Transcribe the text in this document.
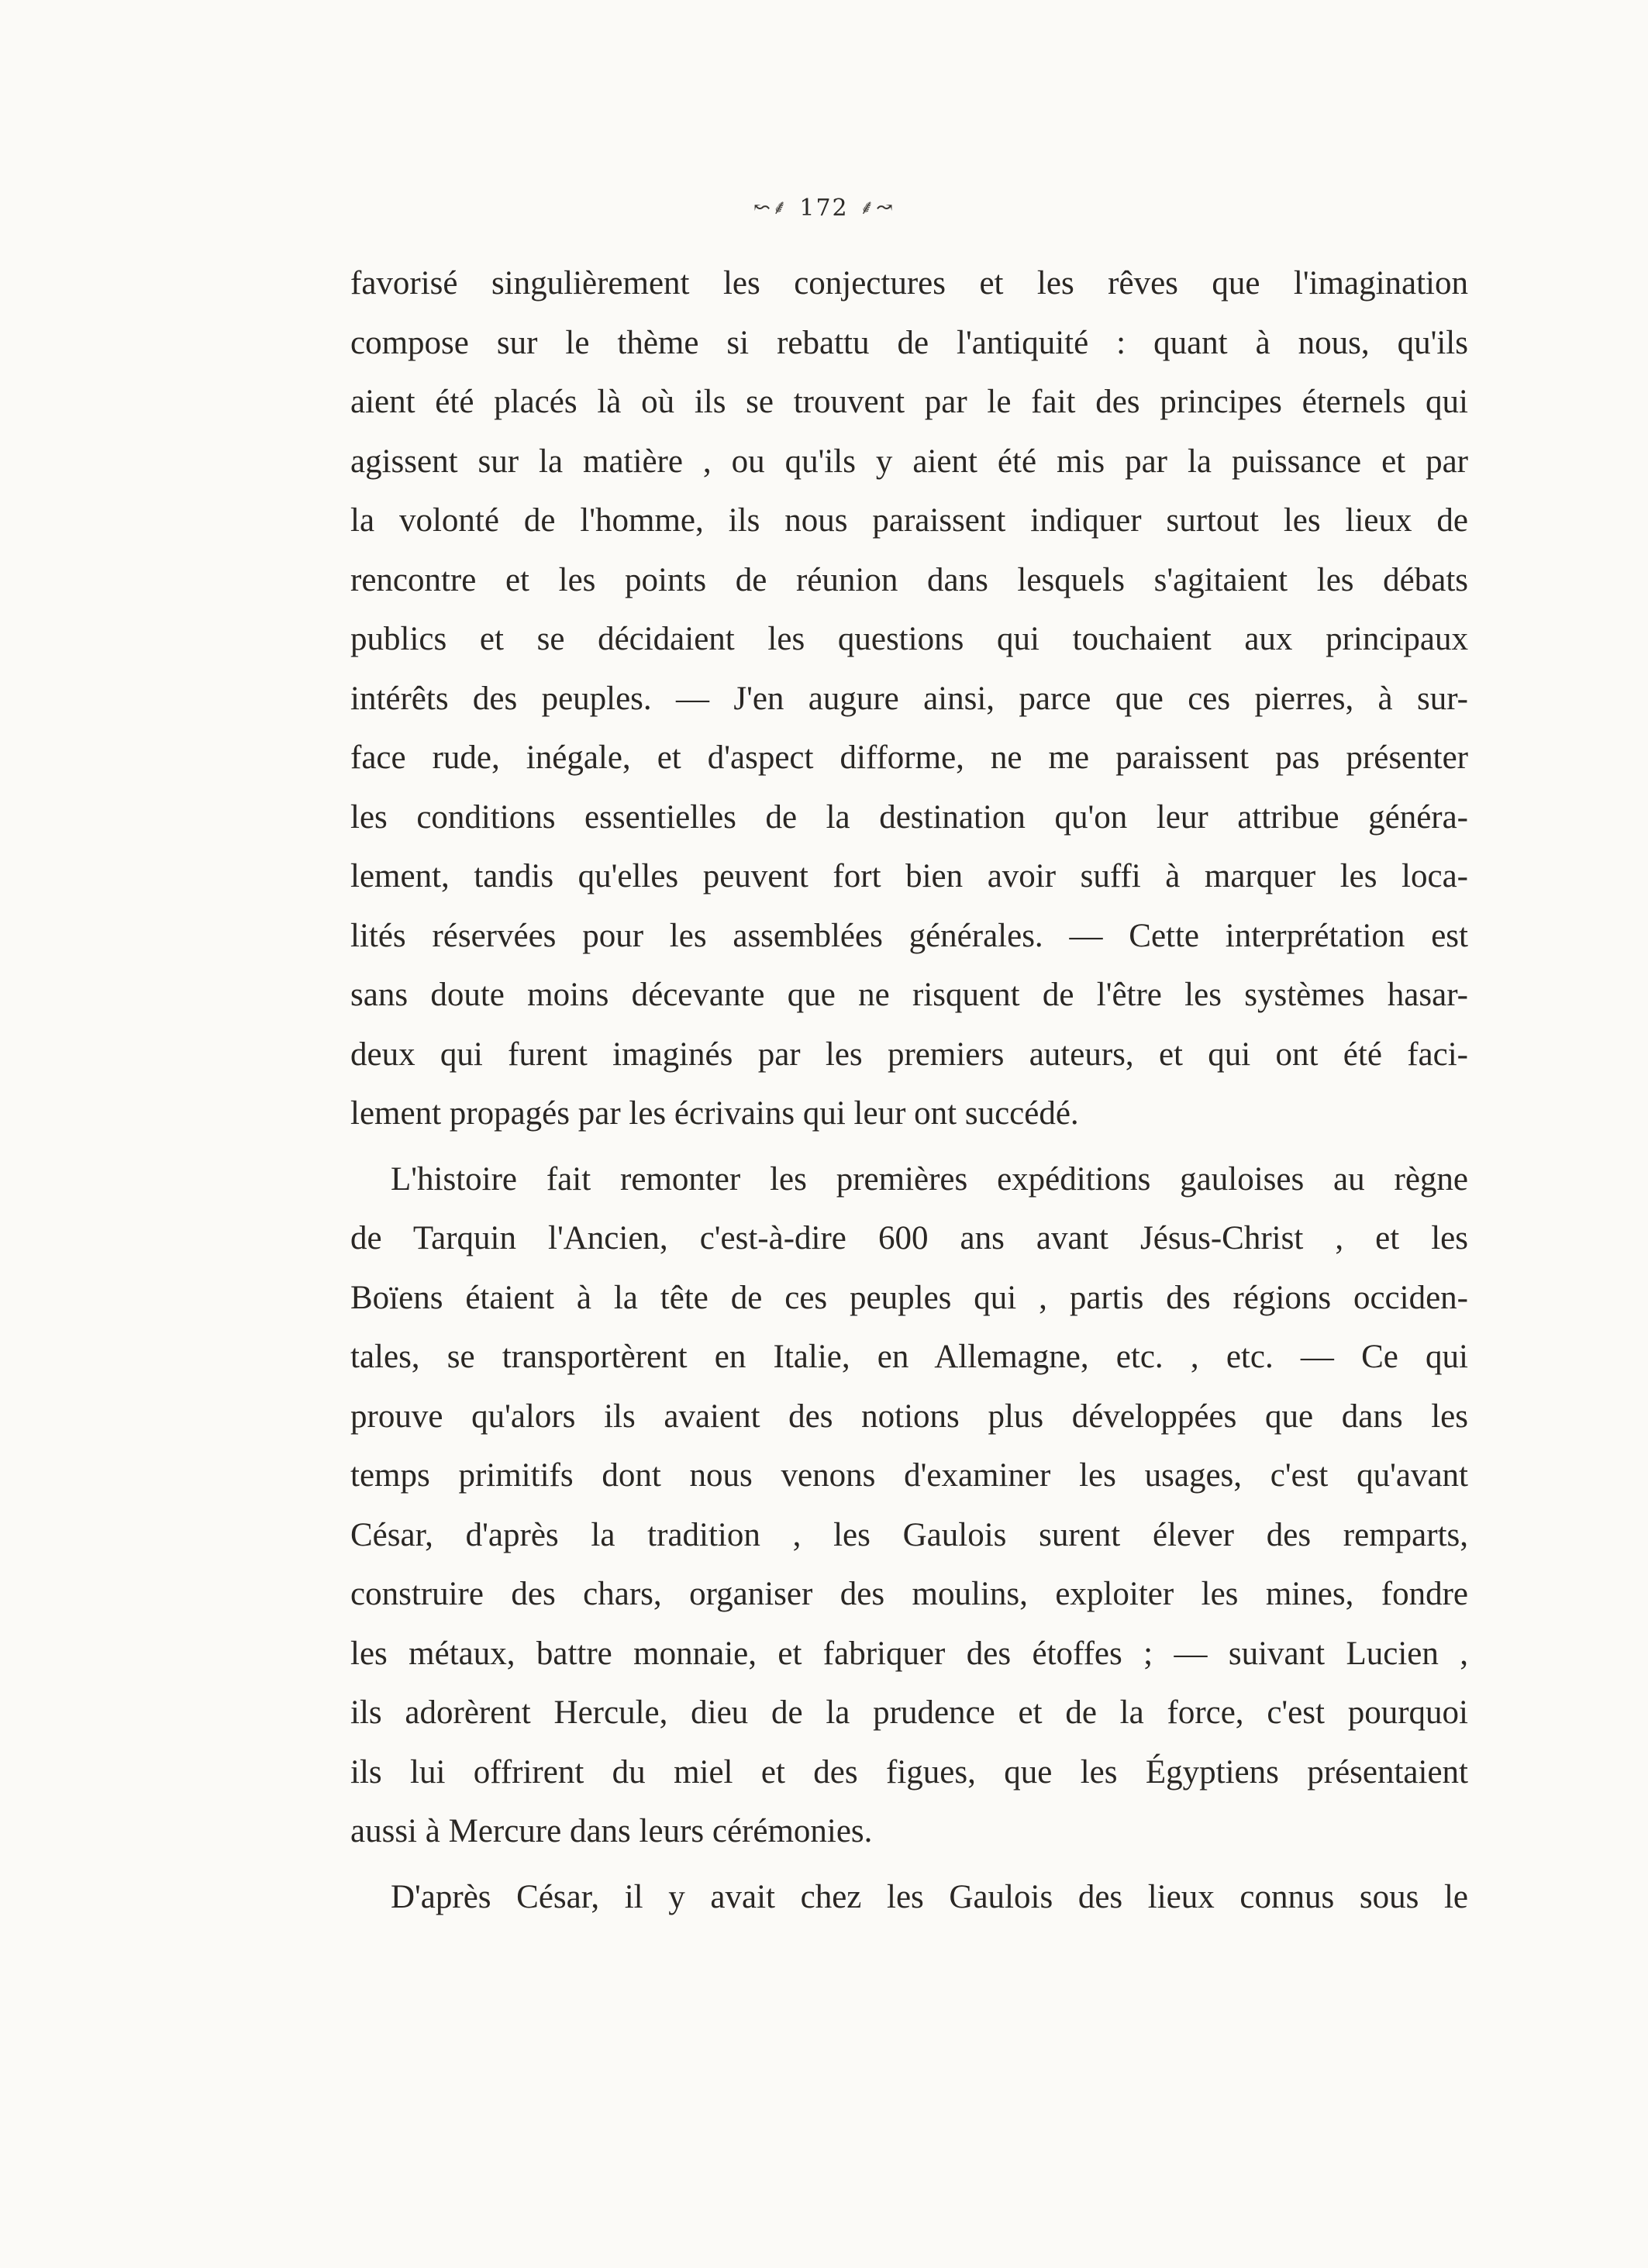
↜⸙ 172 ⸙↝
favorisé singulièrement les conjectures et les rêves que l'imagination
compose sur le thème si rebattu de l'antiquité : quant à nous, qu'ils
aient été placés là où ils se trouvent par le fait des principes éternels qui
agissent sur la matière , ou qu'ils y aient été mis par la puissance et par
la volonté de l'homme, ils nous paraissent indiquer surtout les lieux de
rencontre et les points de réunion dans lesquels s'agitaient les débats
publics et se décidaient les questions qui touchaient aux principaux
intérêts des peuples. — J'en augure ainsi, parce que ces pierres, à sur-
face rude, inégale, et d'aspect difforme, ne me paraissent pas présenter
les conditions essentielles de la destination qu'on leur attribue généra-
lement, tandis qu'elles peuvent fort bien avoir suffi à marquer les loca-
lités réservées pour les assemblées générales. — Cette interprétation est
sans doute moins décevante que ne risquent de l'être les systèmes hasar-
deux qui furent imaginés par les premiers auteurs, et qui ont été faci-
lement propagés par les écrivains qui leur ont succédé.
L'histoire fait remonter les premières expéditions gauloises au règne
de Tarquin l'Ancien, c'est-à-dire 600 ans avant Jésus-Christ , et les
Boïens étaient à la tête de ces peuples qui , partis des régions occiden-
tales, se transportèrent en Italie, en Allemagne, etc. , etc. — Ce qui
prouve qu'alors ils avaient des notions plus développées que dans les
temps primitifs dont nous venons d'examiner les usages, c'est qu'avant
César, d'après la tradition , les Gaulois surent élever des remparts,
construire des chars, organiser des moulins, exploiter les mines, fondre
les métaux, battre monnaie, et fabriquer des étoffes ; — suivant Lucien ,
ils adorèrent Hercule, dieu de la prudence et de la force, c'est pourquoi
ils lui offrirent du miel et des figues, que les Égyptiens présentaient
aussi à Mercure dans leurs cérémonies.
D'après César, il y avait chez les Gaulois des lieux connus sous le
